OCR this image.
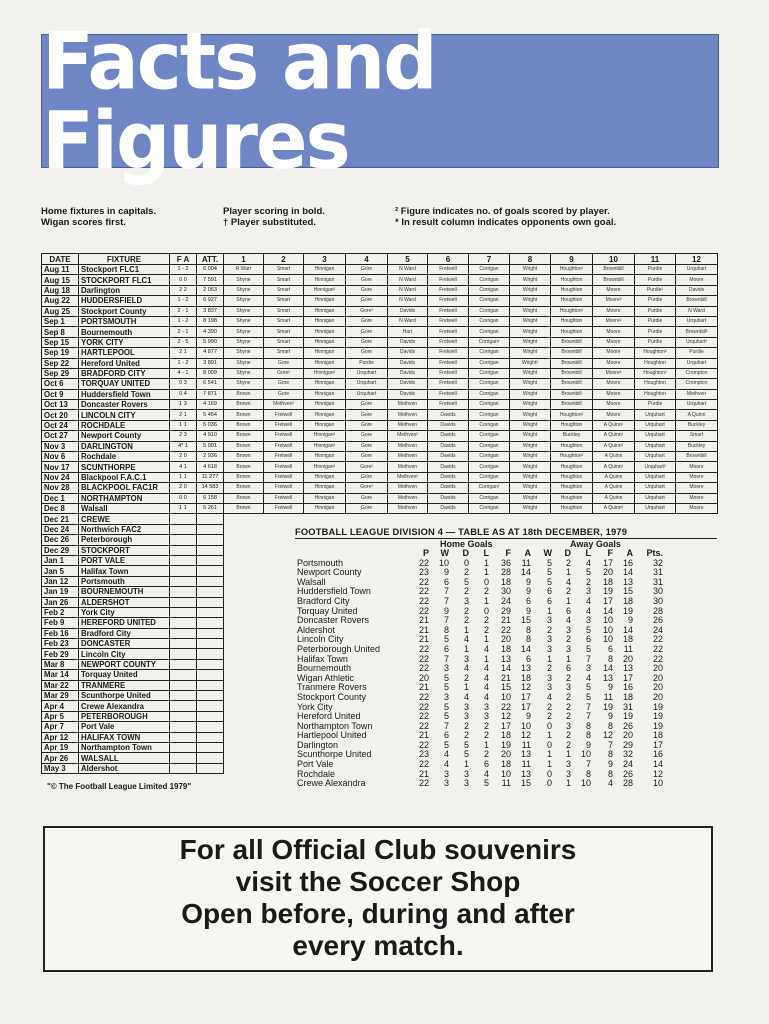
Facts and Figures
Home fixtures in capitals.
Wigan scores first.
Player scoring in bold.
† Player substituted.
² Figure indicates no. of goals scored by player.
* In result column indicates opponents own goal.
DATE	FIXTURE	F A	ATT.	1	2	3	4	5	6	7	8	9	10	11	12
Aug 11	Stockport FLC1	1 - 2	6 004	R Warr	Smart	Hinnigan	Gore	N Ward	Fretwell	Corrigan	Wright	Houghton²	Brownbill	Purdie	Urquhart
Aug 15	STOCKPORT FLC1	0 0	7 591	Shyne	Smart	Hinnigan	Gore	N Ward	Fretwell	Corrigan	Wright	Houghton	Brownbill	Purdie	Moore
Aug 18	Darlington	2 2	2 063	Shyne	Smart	Hinnigan²	Gore	N Ward	Fretwell	Corrigan	Wright	Houghton	Moore	Purdie²	Davids
Aug 22	HUDDERSFIELD	1 - 2	6 927	Shyne	Smart	Hinnigan	Gore	N Ward	Fretwell	Corrigan	Wright	Houghton	Moore²	Purdie	Brownbill
Aug 25	Stockport County	2 - 1	3 837	Shyne	Smart	Hinnigan	Gore²	Davids	Fretwell	Corrigan	Wright	Houghton²	Moore	Purdie	N Ward
Sep 1	PORTSMOUTH	1 - 2	8 198	Shyne	Smart	Hinnigan	Gore	N Ward	Fretwell	Corrigan	Wright	Houghton	Moore²	Purdie	Urquhart
Sep 8	Bournemouth	2 - 1	4 390	Shyne	Smart	Hinnigan	Gore	Hart	Fretwell	Corrigan	Wright	Houghton	Moore	Purdie	Brownbill²
Sep 15	YORK CITY	2 - 5	5 990	Shyne	Smart	Hinnigan	Gore	Davids	Fretwell	Corrigan²	Wright	Brownbill	Moore	Purdie	Urquhart²
Sep 19	HARTLEPOOL	2 1	4 877	Shyne	Smart	Hinnigan	Gore	Davids	Fretwell	Corrigan	Wright	Brownbill	Moore	Houghton²	Purdie
Sep 22	Hereford United	1 - 2	3 891	Shyne	Gore	Hinnigan	Purdie	Davids	Fretwell	Corrigan	Wright²	Brownbill	Moore	Houghton	Urquhart
Sep 29	BRADFORD CITY	4 - 1	8 009	Shyne	Gore²	Hinnigan²	Urquhart	Davids	Fretwell	Corrigan	Wright	Brownbill	Moore²	Houghton²	Crompton
Oct 6	TORQUAY UNITED	0 3	6 541	Shyne	Gore	Hinnigan	Urquhart	Davids	Fretwell	Corrigan	Wright	Brownbill	Moore	Houghton	Crompton
Oct 9	Huddersfield Town	0 4	7 871	Brown	Gore	Hinnigan	Urquhart	Davids	Fretwell	Corrigan	Wright	Brownbill	Moore	Houghton	Methven
Oct 13	Doncaster Rovers	1 3	4 169	Brown	Methven²	Hinnigan	Gore	Methven	Fretwell	Corrigan	Wright	Brownbill	Moore	Purdie	Urquhart
Oct 20	LINCOLN CITY	2 1	5 454	Brown	Fretwell	Hinnigan	Gore	Methven	Davids	Corrigan	Wright	Houghton²	Moore	Urquhart	A Quinn
Oct 24	ROCHDALE	1 1	5 036	Brown	Fretwell	Hinnigan	Gore	Methven	Davids	Corrigan	Wright	Houghton	A Quinn²	Urquhart	Buckley
Oct 27	Newport County	2 3	4 910	Brown	Fretwell	Hinnigan²	Gore	Methven²	Davids	Corrigan	Wright	Buckley	A Quinn²	Urquhart	Smart
Nov 3	DARLINGTON	4* 1	5 001	Brown	Fretwell	Hinnigan²	Gore	Methven	Davids	Corrigan	Wright	Houghton	A Quinn²	Urquhart	Buckley
Nov 6	Rochdale	2 0	2 936	Brown	Fretwell	Hinnigan	Gore	Methven	Davids	Corrigan	Wright	Houghton²	A Quinn	Urquhart	Brownbill
Nov 17	SCUNTHORPE	4 1	4 618	Brown	Fretwell	Hinnigan²	Gore²	Methven	Davids	Corrigan	Wright	Houghton	A Quinn²	Urquhart²	Moore
Nov 24	Blackpool F.A.C.1	1 1	11 277	Brown	Fretwell	Hinnigan	Gore	Methven²	Davids	Corrigan	Wright	Houghton	A Quinn	Urquhart	Moore
Nov 28	BLACKPOOL FAC1R	2 0	14 583	Brown	Fretwell	Hinnigan	Gore²	Methven	Davids	Corrigan²	Wright	Houghton	A Quinn	Urquhart	Moore
Dec 1	NORTHAMPTON	0 0	6 158	Brown	Fretwell	Hinnigan	Gore	Methven	Davids	Corrigan	Wright	Houghton	A Quinn	Urquhart	Moore
Dec 8	Walsall	1 1	5 261	Brown	Fretwell	Hinnigan	Gore	Methven	Davids	Corrigan	Wright	Houghton	A Quinn²	Urquhart	Moore
Dec 21	CREWE														
Dec 24	Northwich FAC2														
Dec 26	Peterborough														
Dec 29	STOCKPORT														
Jan 1	PORT VALE														
Jan 5	Halifax Town														
Jan 12	Portsmouth														
Jan 19	BOURNEMOUTH														
Jan 26	ALDERSHOT														
Feb 2	York City														
Feb 9	HEREFORD UNITED														
Feb 16	Bradford City														
Feb 23	DONCASTER														
Feb 29	Lincoln City														
Mar 8	NEWPORT COUNTY														
Mar 14	Torquay United														
Mar 22	TRANMERE														
Mar 29	Scunthorpe United														
Apr 4	Crewe Alexandra														
Apr 5	PETERBOROUGH														
Apr 7	Port Vale														
Apr 12	HALIFAX TOWN														
Apr 19	Northampton Town														
Apr 26	WALSALL														
May 3	Aldershot														
FOOTBALL LEAGUE DIVISION 4 — TABLE AS AT 18th DECEMBER, 1979
Home Goals	Away Goals
P	W	D	L	F	A	W	D	L	F	A Pts.
Portsmouth	22	10	0	1	36	11	5	2	4	17	16	32
Newport County	23	9	2	1	28	14	5	1	5	20	14	31
Walsall	22	6	5	0	18	9	5	4	2	18	13	31
Huddersfield Town	22	7	2	2	30	9	6	2	3	19	15	30
Bradford City	22	7	3	1	24	6	6	1	4	17	18	30
Torquay United	22	9	2	0	29	9	1	6	4	14	19	28
Doncaster Rovers	21	7	2	2	21	15	3	4	3	10	9	26
Aldershot	21	8	1	2	22	8	2	3	5	10	14	24
Lincoln City	21	5	4	1	20	8	3	2	6	10	18	22
Peterborough United	22	6	1	4	18	14	3	3	5	6	11	22
Halifax Town	22	7	3	1	13	6	1	1	7	8	20	22
Bournemouth	22	3	4	4	14	13	2	6	3	14	13	20
Wigan Athletic	20	5	2	4	21	18	3	2	4	13	17	20
Tranmere Rovers	21	5	1	4	15	12	3	3	5	9	16	20
Stockport County	22	3	4	4	10	17	4	2	5	11	18	20
York City	22	5	3	3	22	17	2	2	7	19	31	19
Hereford United	22	5	3	3	12	9	2	2	7	9	19	19
Northampton Town	22	7	2	2	17	10	0	3	8	8	26	19
Hartlepool United	21	6	2	2	18	12	1	2	8	12	20	18
Darlington	22	5	5	1	19	11	0	2	9	7	29	17
Scunthorpe United	23	4	5	2	20	13	1	1	10	8	32	16
Port Vale	22	4	1	6	18	11	1	3	7	9	24	14
Rochdale	21	3	3	4	10	13	0	3	8	8	26	12
Crewe Alexandra	22	3	3	5	11	15	0	1	10	4	28	10
"© The Football League Limited 1979"
For all Official Club souvenirs
visit the Soccer Shop
Open before, during and after
every match.
